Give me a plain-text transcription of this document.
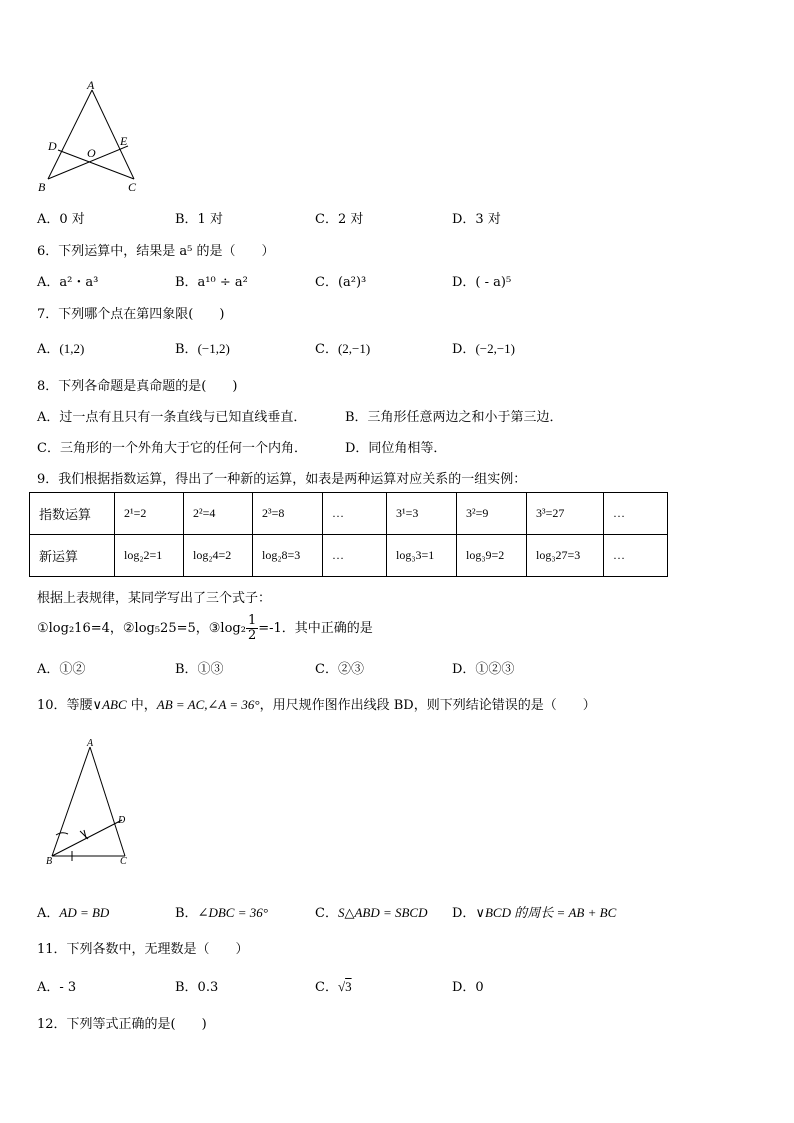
A
D	E
O
B	C
A．0 对	B．1 对	C．2 对	D．3 对
6．下列运算中，结果是 a⁵ 的是（　　）
A．a²・a³	B．a¹⁰ ÷ a²	C．(a²)³	D．( - a)⁵
7．下列哪个点在第四象限(　　)
A．(1,2)	B．(−1,2)	C．(2,−1)	D．(−2,−1)
8．下列各命题是真命题的是(　　)
A．过一点有且只有一条直线与已知直线垂直．	B．三角形任意两边之和小于第三边．
C．三角形的一个外角大于它的任何一个内角．	D．同位角相等．
9．我们根据指数运算，得出了一种新的运算，如表是两种运算对应关系的一组实例：
指数运算	2¹=2	2²=4	2³=8	…	3¹=3	3²=9	3³=27	…
新运算	log₂2=1	log₂4=2	log₂8=3	…	log₃3=1	log₃9=2	log₃27=3	…
根据上表规律，某同学写出了三个式子：
①log₂16=4，②log₅25=5，③log₂ $\frac{1}{2} =-1$．其中正确的是
A．①②	B．①③	C．②③	D．①②③
10．等腰∨ABC 中，AB = AC,∠A = 36°，用尺规作图作出线段 BD，则下列结论错误的是（　　）
A
D
B	C
A．AD = BD	B．∠DBC = 36°	C．S△ABD = SBCD D．∨BCD 的周长 = AB + BC
11．下列各数中，无理数是（　　）
A．- 3	B．0.3	C．√3	D．0
12．下列等式正确的是(　　)
